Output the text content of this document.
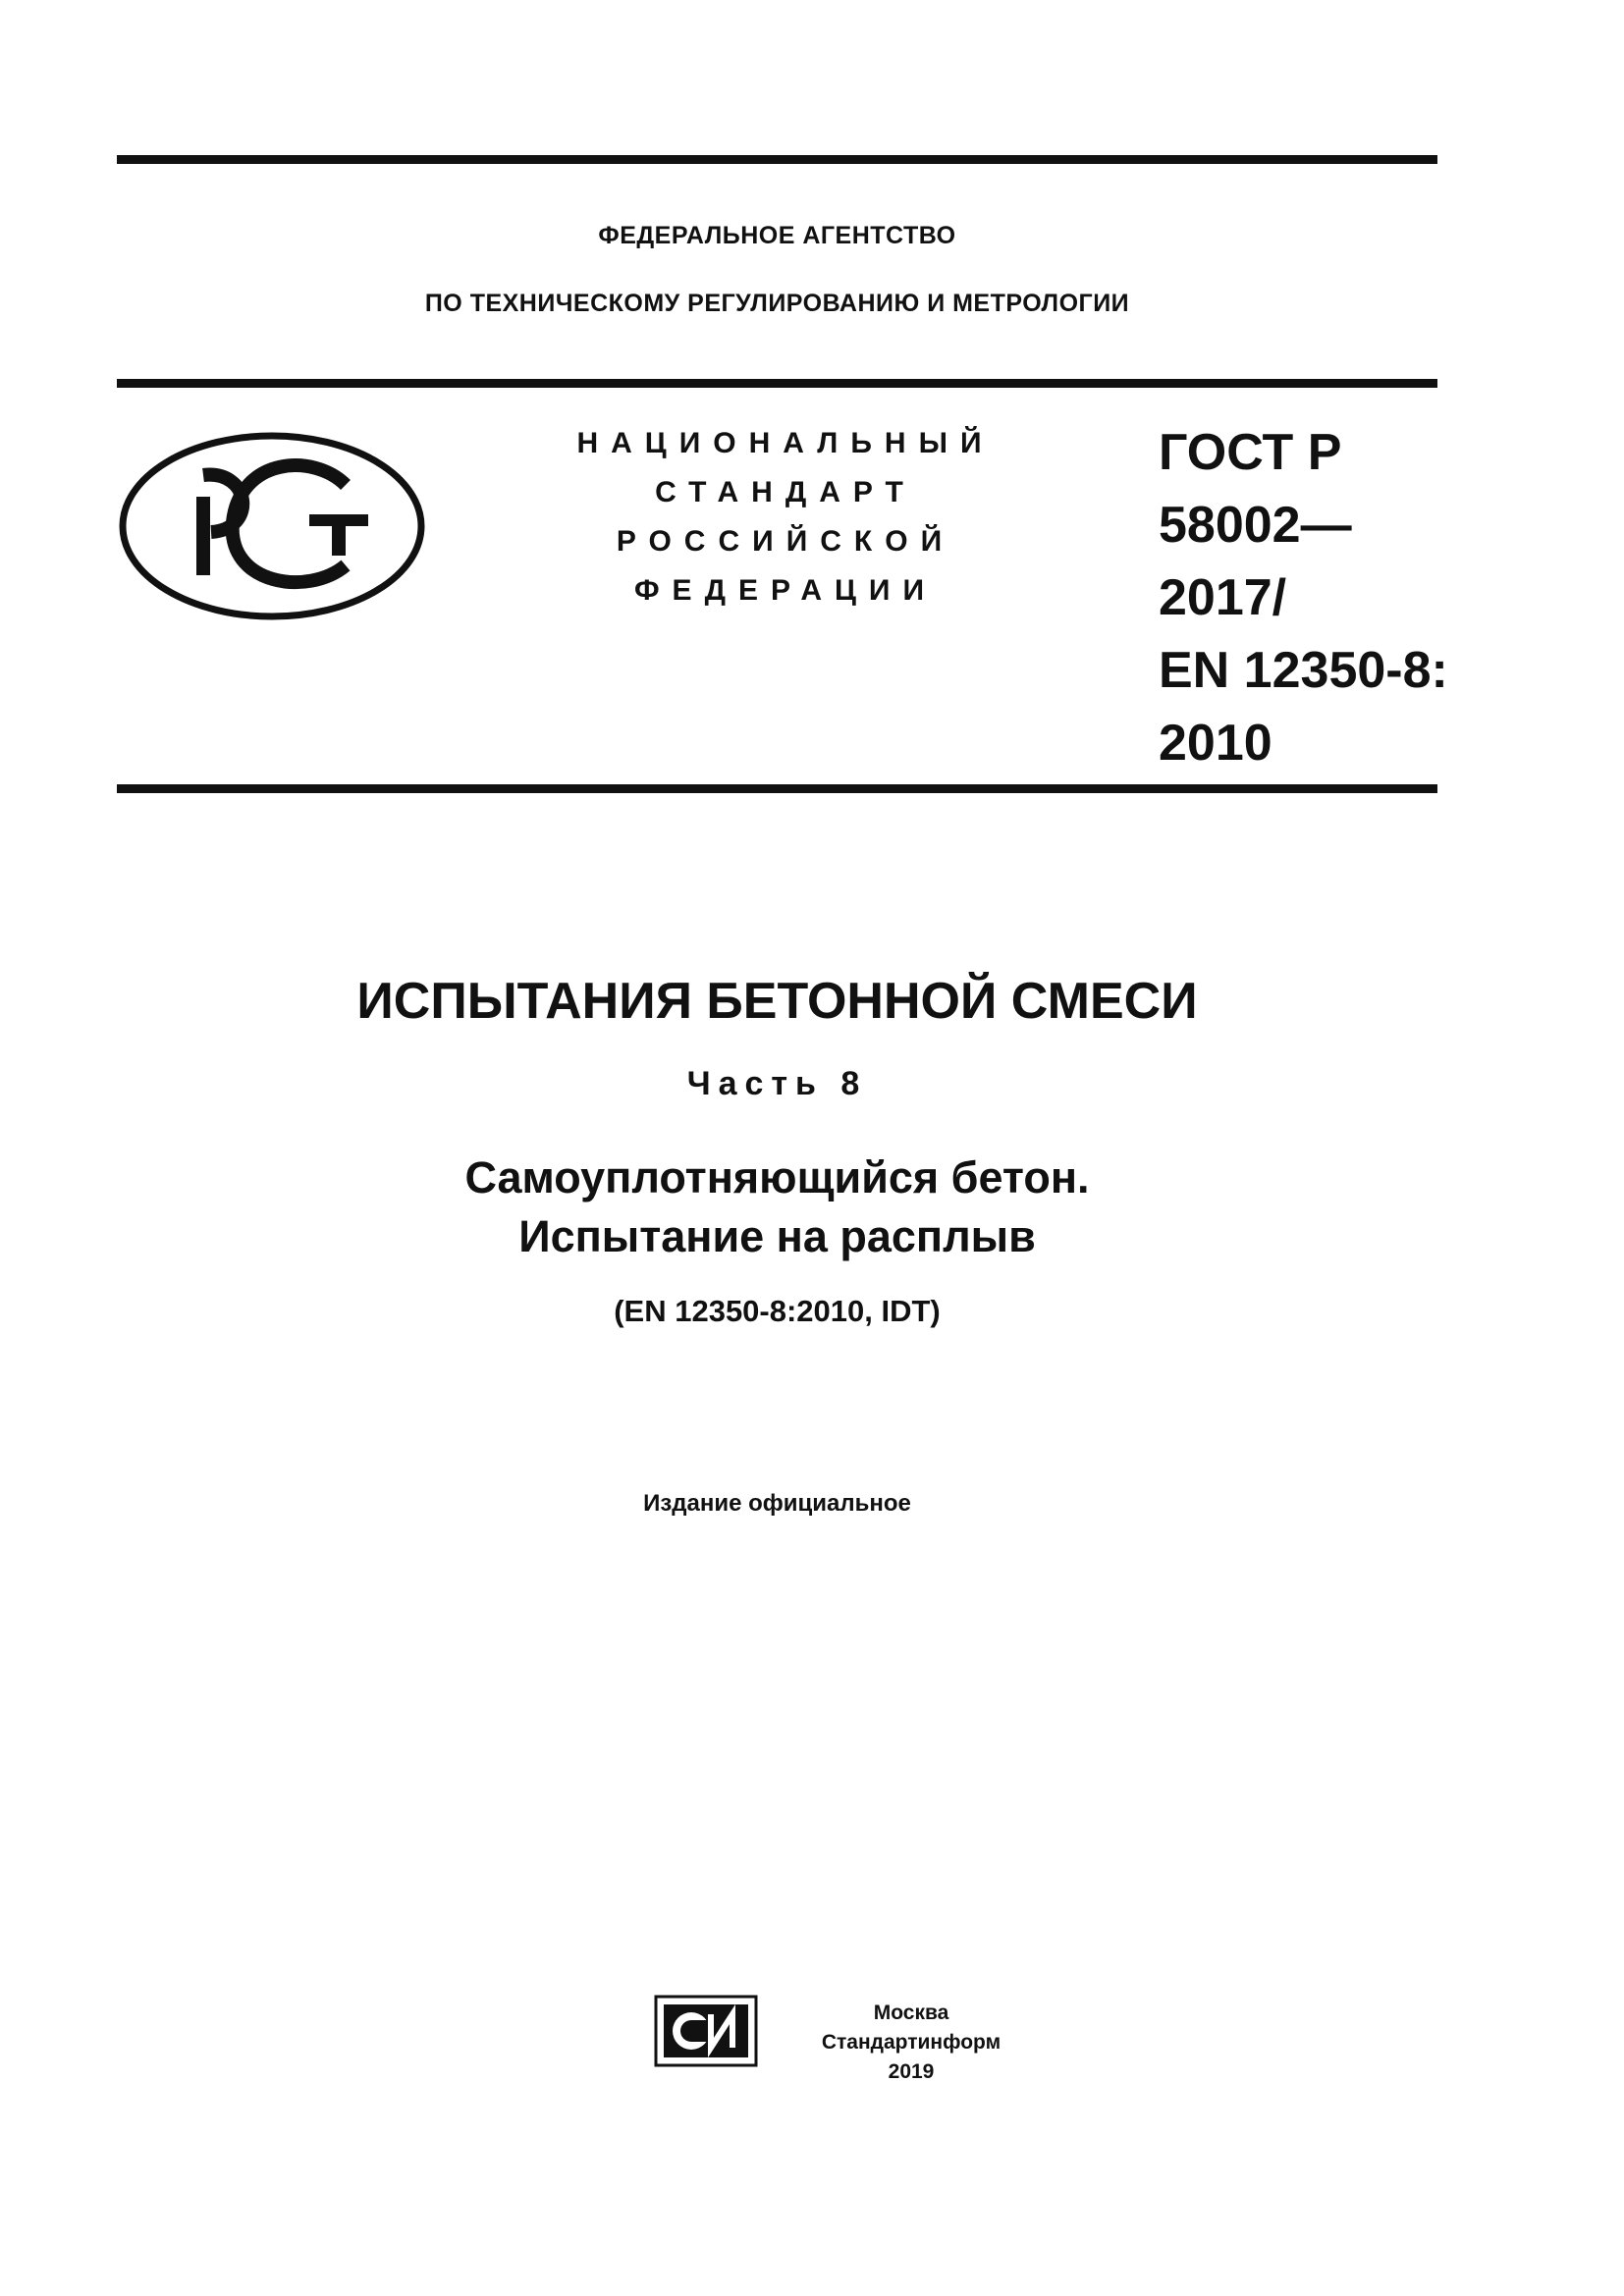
ФЕДЕРАЛЬНОЕ АГЕНТСТВО
ПО ТЕХНИЧЕСКОМУ РЕГУЛИРОВАНИЮ И МЕТРОЛОГИИ
НАЦИОНАЛЬНЫЙ
СТАНДАРТ
РОССИЙСКОЙ
ФЕДЕРАЦИИ
ГОСТ Р
58002—
2017/
EN 12350-8:
2010
ИСПЫТАНИЯ БЕТОННОЙ СМЕСИ
Часть 8
Самоуплотняющийся бетон.
Испытание на расплыв
(EN 12350-8:2010, IDT)
Издание официальное
Москва
Стандартинформ
2019
